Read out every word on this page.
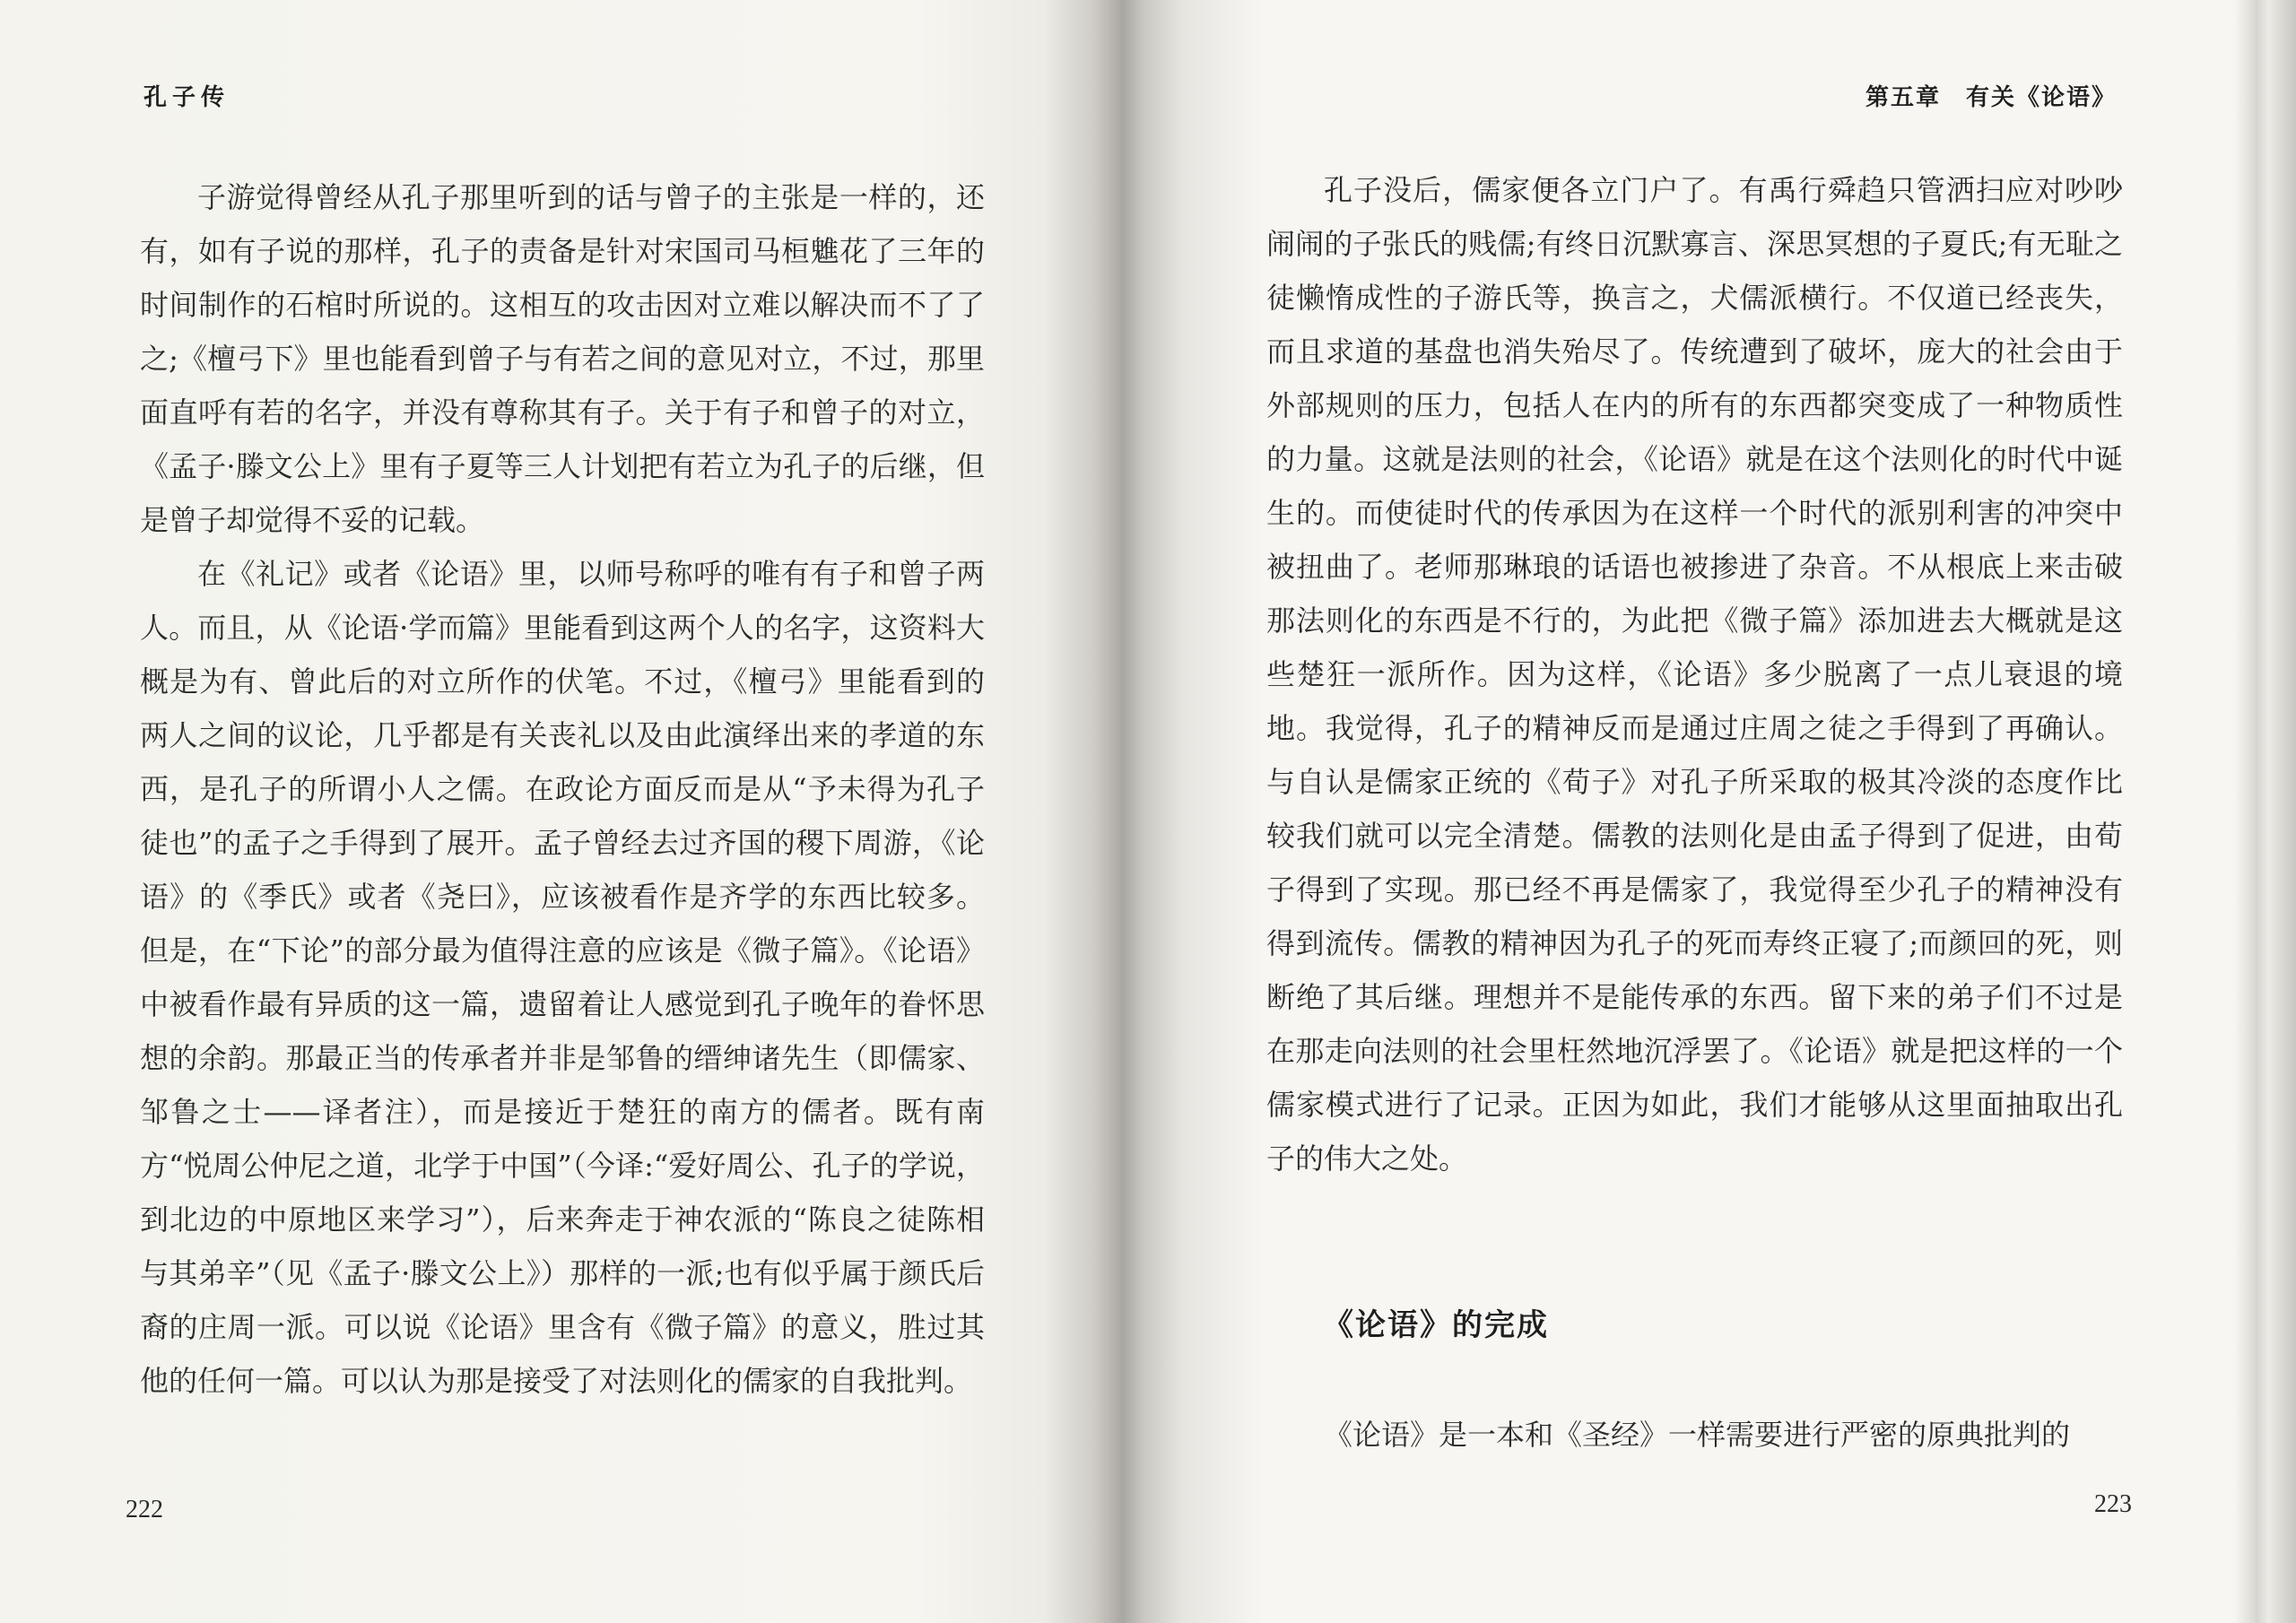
孔子传

子游觉得曾经从孔子那里听到的话与曾子的主张是一样的，还有，如有子说的那样，孔子的责备是针对宋国司马桓魋花了三年的时间制作的石棺时所说的。这相互的攻击因对立难以解决而不了了之;《檀弓下》里也能看到曾子与有若之间的意见对立，不过，那里面直呼有若的名字，并没有尊称其有子。关于有子和曾子的对立，《孟子·滕文公上》里有子夏等三人计划把有若立为孔子的后继，但是曾子却觉得不妥的记载。

在《礼记》或者《论语》里，以师号称呼的唯有有子和曾子两人。而且，从《论语·学而篇》里能看到这两个人的名字，这资料大概是为有、曾此后的对立所作的伏笔。不过，《檀弓》里能看到的两人之间的议论，几乎都是有关丧礼以及由此演绎出来的孝道的东西，是孔子的所谓小人之儒。在政论方面反而是从“予未得为孔子徒也”的孟子之手得到了展开。孟子曾经去过齐国的稷下周游，《论语》的《季氏》或者《尧曰》，应该被看作是齐学的东西比较多。但是，在“下论”的部分最为值得注意的应该是《微子篇》。《论语》中被看作最有异质的这一篇，遗留着让人感觉到孔子晚年的眷怀思想的余韵。那最正当的传承者并非是邹鲁的缙绅诸先生（即儒家、邹鲁之士——译者注），而是接近于楚狂的南方的儒者。既有南方“悦周公仲尼之道，北学于中国”（今译:“爱好周公、孔子的学说，到北边的中原地区来学习”），后来奔走于神农派的“陈良之徒陈相与其弟辛”（见《孟子·滕文公上》）那样的一派;也有似乎属于颜氏后裔的庄周一派。可以说《论语》里含有《微子篇》的意义，胜过其他的任何一篇。可以认为那是接受了对法则化的儒家的自我批判。

222
第五章　有关《论语》

孔子没后，儒家便各立门户了。有禹行舜趋只管洒扫应对吵吵闹闹的子张氏的贱儒;有终日沉默寡言、深思冥想的子夏氏;有无耻之徒懒惰成性的子游氏等，换言之，犬儒派横行。不仅道已经丧失，而且求道的基盘也消失殆尽了。传统遭到了破坏，庞大的社会由于外部规则的压力，包括人在内的所有的东西都突变成了一种物质性的力量。这就是法则的社会，《论语》就是在这个法则化的时代中诞生的。而使徒时代的传承因为在这样一个时代的派别利害的冲突中被扭曲了。老师那琳琅的话语也被掺进了杂音。不从根底上来击破那法则化的东西是不行的，为此把《微子篇》添加进去大概就是这些楚狂一派所作。因为这样，《论语》多少脱离了一点儿衰退的境地。我觉得，孔子的精神反而是通过庄周之徒之手得到了再确认。与自认是儒家正统的《荀子》对孔子所采取的极其冷淡的态度作比较我们就可以完全清楚。儒教的法则化是由孟子得到了促进，由荀子得到了实现。那已经不再是儒家了，我觉得至少孔子的精神没有得到流传。儒教的精神因为孔子的死而寿终正寝了;而颜回的死，则断绝了其后继。理想并不是能传承的东西。留下来的弟子们不过是在那走向法则的社会里枉然地沉浮罢了。《论语》就是把这样的一个儒家模式进行了记录。正因为如此，我们才能够从这里面抽取出孔子的伟大之处。

《论语》的完成

《论语》是一本和《圣经》一样需要进行严密的原典批判的

223
